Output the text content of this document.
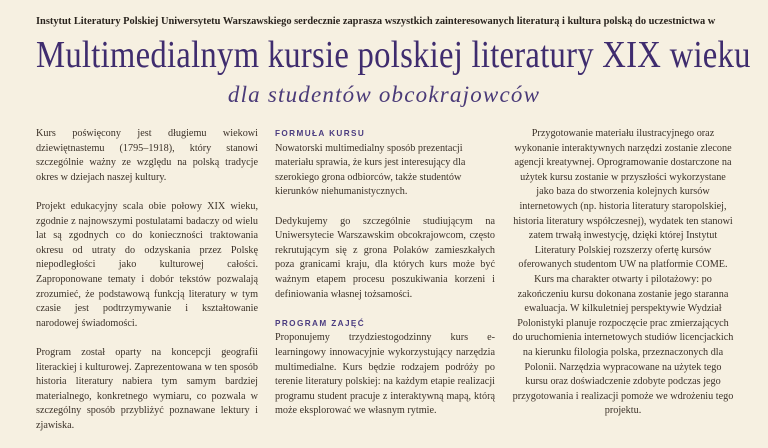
Instytut Literatury Polskiej Uniwersytetu Warszawskiego serdecznie zaprasza wszystkich zainteresowanych literaturą i kultura polską do uczestnictwa w
Multimedialnym kursie polskiej literatury XIX wieku
dla studentów obcokrajowców

Kurs poświęcony jest długiemu wiekowi dziewiętnastemu (1795–1918), który stanowi szczególnie ważny ze względu na polską tradycje okres w dziejach naszej kultury.

Projekt edukacyjny scala obie połowy XIX wieku, zgodnie z najnowszymi postulatami badaczy od wielu lat są zgodnych co do konieczności traktowania okresu od utraty do odzyskania przez Polskę niepodległości jako kulturowej całości. Zaproponowane tematy i dobór tekstów pozwalają zrozumieć, że podstawową funkcją literatury w tym czasie jest podtrzymywanie i kształtowanie narodowej świadomości.

Program został oparty na koncepcji geografii literackiej i kulturowej. Zaprezentowana w ten sposób historia literatury nabiera tym samym bardziej materialnego, konkretnego wymiaru, co pozwala w szczególny sposób przybliżyć poznawane lektury i zjawiska.

FORMUŁA KURSU

Nowatorski multimedialny sposób prezentacji materiału sprawia, że kurs jest interesujący dla szerokiego grona odbiorców, także studentów kierunków niehumanistycznych.

Dedykujemy go szczególnie studiującym na Uniwersytecie Warszawskim obcokrajowcom, często rekrutującym się z grona Polaków zamieszkałych poza granicami kraju, dla których kurs może być ważnym etapem procesu poszukiwania korzeni i definiowania własnej tożsamości.

PROGRAM ZAJĘĆ

Proponujemy trzydziestogodzinny kurs e-learningowy innowacyjnie wykorzystujący narzędzia multimedialne. Kurs będzie rodzajem podróży po terenie literatury polskiej: na każdym etapie realizacji programu student pracuje z interaktywną mapą, którą może eksplorować we własnym rytmie.

Przygotowanie materiału ilustracyjnego oraz wykonanie interaktywnych narzędzi zostanie zlecone agencji kreatywnej. Oprogramowanie dostarczone na użytek kursu zostanie w przyszłości wykorzystane jako baza do stworzenia kolejnych kursów internetowych (np. historia literatury staropolskiej, historia literatury współczesnej), wydatek ten stanowi zatem trwałą inwestycję, dzięki której Instytut Literatury Polskiej rozszerzy ofertę kursów oferowanych studentom UW na platformie COME. Kurs ma charakter otwarty i pilotażowy: po zakończeniu kursu dokonana zostanie jego staranna ewaluacja. W kilkuletniej perspektywie Wydział Polonistyki planuje rozpoczęcie prac zmierzających do uruchomienia internetowych studiów licencjackich na kierunku filologia polska, przeznaczonych dla Polonii. Narzędzia wypracowane na użytek tego kursu oraz doświadczenie zdobyte podczas jego przygotowania i realizacji pomoże we wdrożeniu tego projektu.
